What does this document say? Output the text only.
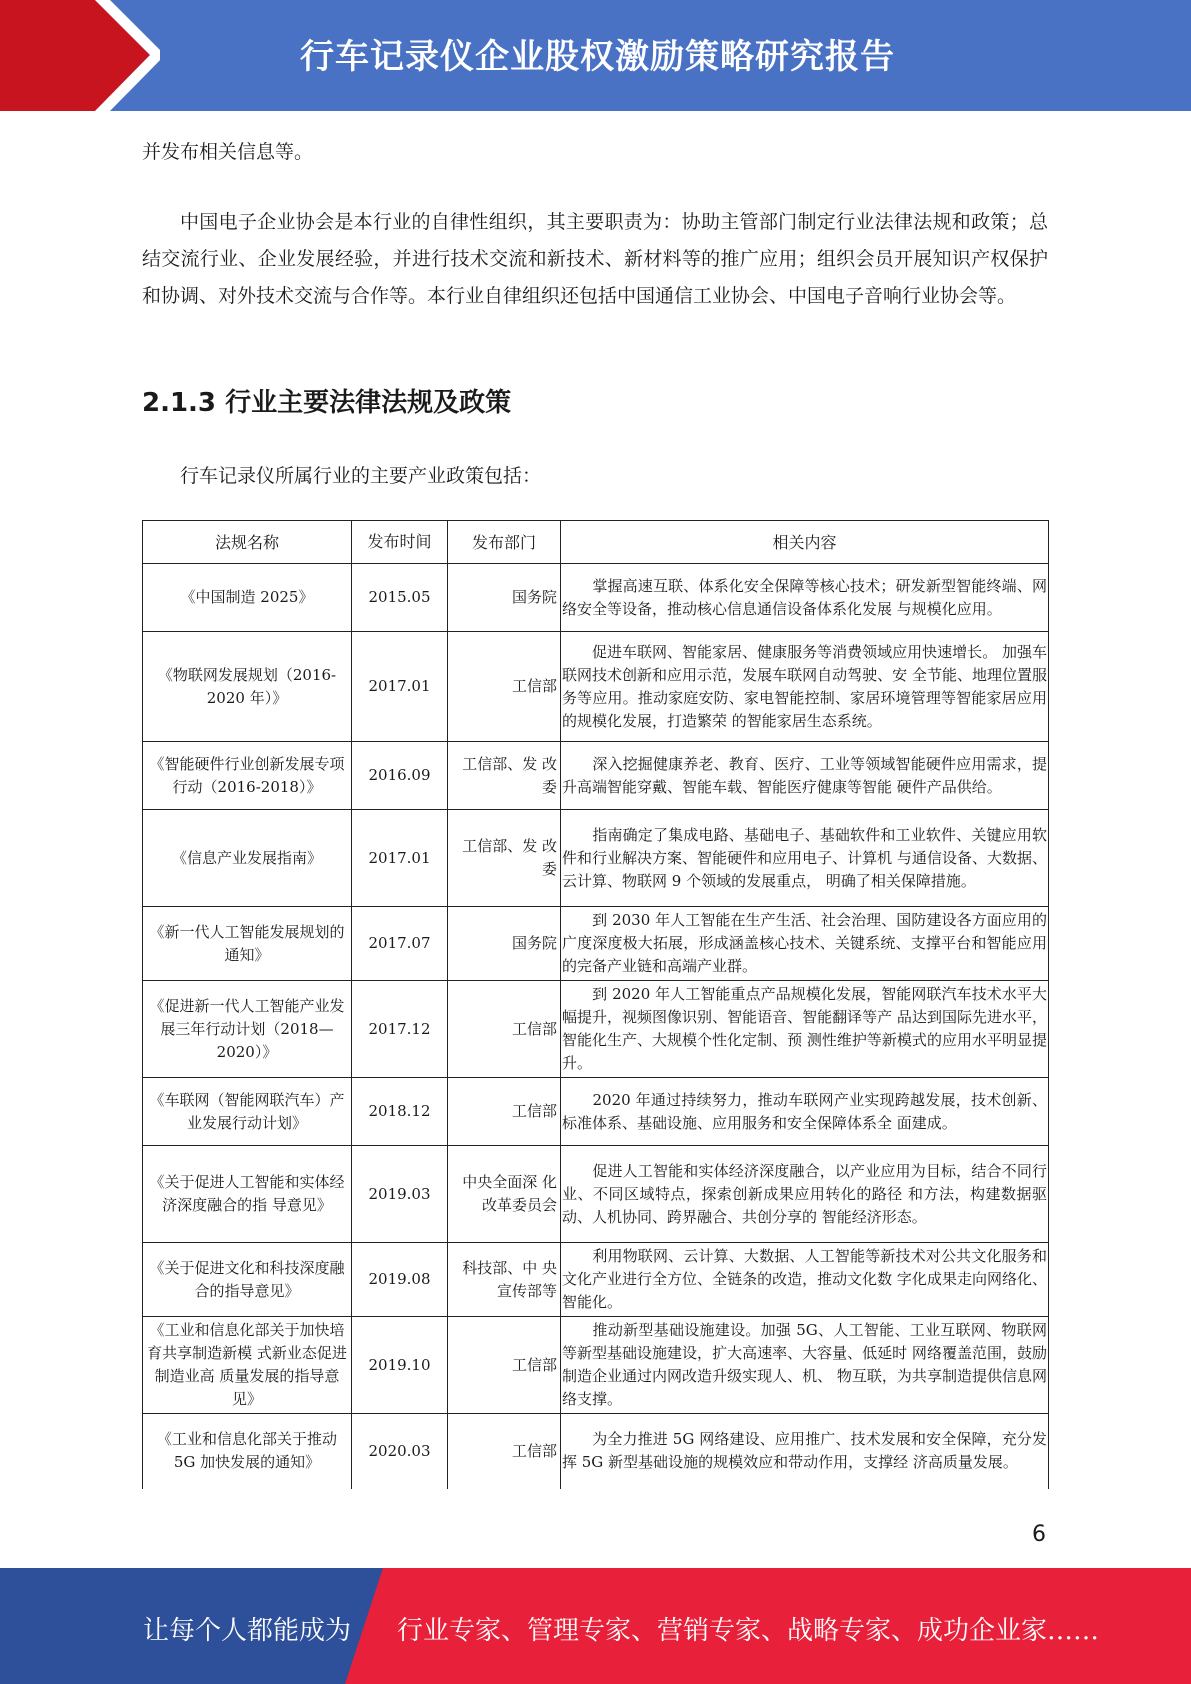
行车记录仪企业股权激励策略研究报告

并发布相关信息等。

中国电子企业协会是本行业的自律性组织，其主要职责为：协助主管部门制定行业法律法规和政策；总结交流行业、企业发展经验，并进行技术交流和新技术、新材料等的推广应用；组织会员开展知识产权保护和协调、对外技术交流与合作等。本行业自律组织还包括中国通信工业协会、中国电子音响行业协会等。

2.1.3 行业主要法律法规及政策

行车记录仪所属行业的主要产业政策包括：

法规名称	发布时间	发布部门	相关内容
《中国制造 2025》	2015.05	国务院	　　掌握高速互联、体系化安全保障等核心技术；研发新型智能终端、网络安全等设备，推动核心信息通信设备体系化发展 与规模化应用。
《物联网发展规划（2016-2020 年）》	2017.01	工信部	　　促进车联网、智能家居、健康服务等消费领域应用快速增长。 加强车联网技术创新和应用示范，发展车联网自动驾驶、安 全节能、地理位置服务等应用。推动家庭安防、家电智能控制、家居环境管理等智能家居应用的规模化发展，打造繁荣 的智能家居生态系统。
《智能硬件行业创新发展专项行动（2016-2018）》	2016.09	工信部、发 改委	　　深入挖掘健康养老、教育、医疗、工业等领域智能硬件应用需求，提升高端智能穿戴、智能车载、智能医疗健康等智能 硬件产品供给。
《信息产业发展指南》	2017.01	工信部、发 改委	　　指南确定了集成电路、基础电子、基础软件和工业软件、关键应用软件和行业解决方案、智能硬件和应用电子、计算机 与通信设备、大数据、云计算、物联网 9 个领域的发展重点， 明确了相关保障措施。
《新一代人工智能发展规划的通知》	2017.07	国务院	　　到 2030 年人工智能在生产生活、社会治理、国防建设各方面应用的广度深度极大拓展，形成涵盖核心技术、关键系统、支撑平台和智能应用的完备产业链和高端产业群。
《促进新一代人工智能产业发展三年行动计划（2018—2020）》	2017.12	工信部	　　到 2020 年人工智能重点产品规模化发展，智能网联汽车技术水平大幅提升，视频图像识别、智能语音、智能翻译等产 品达到国际先进水平，智能化生产、大规模个性化定制、预 测性维护等新模式的应用水平明显提升。
《车联网（智能网联汽车）产业发展行动计划》	2018.12	工信部	　　2020 年通过持续努力，推动车联网产业实现跨越发展，技术创新、标准体系、基础设施、应用服务和安全保障体系全 面建成。
《关于促进人工智能和实体经济深度融合的指 导意见》	2019.03	中央全面深 化改革委员会	　　促进人工智能和实体经济深度融合，以产业应用为目标，结合不同行业、不同区域特点，探索创新成果应用转化的路径 和方法，构建数据驱动、人机协同、跨界融合、共创分享的 智能经济形态。
《关于促进文化和科技深度融合的指导意见》	2019.08	科技部、中 央宣传部等	　　利用物联网、云计算、大数据、人工智能等新技术对公共文化服务和文化产业进行全方位、全链条的改造，推动文化数 字化成果走向网络化、智能化。
《工业和信息化部关于加快培育共享制造新模 式新业态促进制造业高 质量发展的指导意见》	2019.10	工信部	　　推动新型基础设施建设。加强 5G、人工智能、工业互联网、物联网等新型基础设施建设，扩大高速率、大容量、低延时 网络覆盖范围，鼓励制造企业通过内网改造升级实现人、机、 物互联，为共享制造提供信息网络支撑。
《工业和信息化部关于推动 5G 加快发展的通知》	2020.03	工信部	　　为全力推进 5G 网络建设、应用推广、技术发展和安全保障，充分发挥 5G 新型基础设施的规模效应和带动作用，支撑经 济高质量发展。
6
让每个人都能成为 行业专家、管理专家、营销专家、战略专家、成功企业家……
